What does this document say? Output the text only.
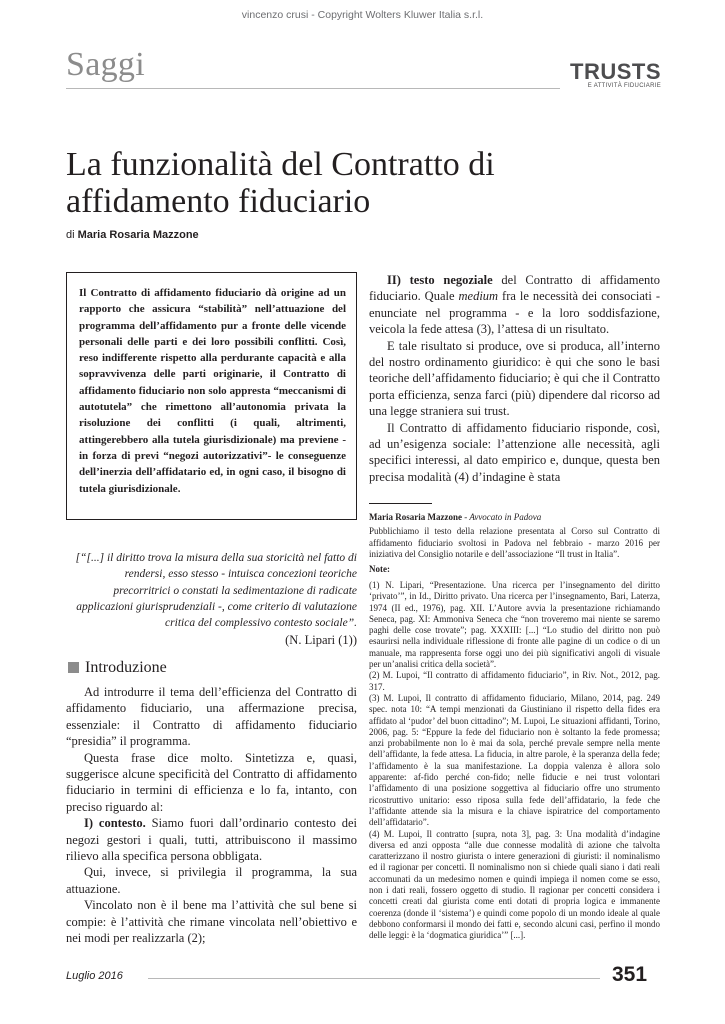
vincenzo crusi - Copyright Wolters Kluwer Italia s.r.l.
Saggi	TRUSTS
E ATTIVITÀ FIDUCIARIE
La funzionalità del Contratto di affidamento fiduciario
di Maria Rosaria Mazzone

Il Contratto di affidamento fiduciario dà origine ad un rapporto che assicura “stabilità” nell’attuazione del programma dell’affidamento pur a fronte delle vicende personali delle parti e dei loro possibili conflitti. Così, reso indifferente rispetto alla perdurante capacità e alla sopravvivenza delle parti originarie, il Contratto di affidamento fiduciario non solo appresta “meccanismi di autotutela” che rimettono all’autonomia privata la risoluzione dei conflitti (i quali, altrimenti, attingerebbero alla tutela giurisdizionale) ma previene - in forza di previ “negozi autorizzativi”- le conseguenze dell’inerzia dell’affidatario ed, in ogni caso, il bisogno di tutela giurisdizionale.

[“[...] il diritto trova la misura della sua storicità nel fatto di rendersi, esso stesso - intuisca concezioni teoriche precorritrici o constati la sedimentazione di radicate applicazioni giurisprudenziali -, come criterio di valutazione critica del complessivo contesto sociale”.
(N. Lipari (1))
Introduzione

Ad introdurre il tema dell’efficienza del Contratto di affidamento fiduciario, una affermazione precisa, essenziale: il Contratto di affidamento fiduciario “presidia” il programma.

Questa frase dice molto. Sintetizza e, quasi, suggerisce alcune specificità del Contratto di affidamento fiduciario in termini di efficienza e lo fa, intanto, con preciso riguardo al:

I) contesto. Siamo fuori dall’ordinario contesto dei negozi gestori i quali, tutti, attribuiscono il massimo rilievo alla specifica persona obbligata.

Qui, invece, si privilegia il programma, la sua attuazione.

Vincolato non è il bene ma l’attività che sul bene si compie: è l’attività che rimane vincolata nell’obiettivo e nei modi per realizzarla (2);

II) testo negoziale del Contratto di affidamento fiduciario. Quale medium fra le necessità dei consociati - enunciate nel programma - e la loro soddisfazione, veicola la fede attesa (3), l’attesa di un risultato.

E tale risultato si produce, ove si produca, all’interno del nostro ordinamento giuridico: è qui che sono le basi teoriche dell’affidamento fiduciario; è qui che il Contratto porta efficienza, senza farci (più) dipendere dal ricorso ad una legge straniera sui trust.

Il Contratto di affidamento fiduciario risponde, così, ad un’esigenza sociale: l’attenzione alle necessità, agli specifici interessi, al dato empirico e, dunque, questa ben precisa modalità (4) d’indagine è stata

Maria Rosaria Mazzone - Avvocato in Padova
Pubblichiamo il testo della relazione presentata al Corso sul Contratto di affidamento fiduciario svoltosi in Padova nel febbraio - marzo 2016 per iniziativa del Consiglio notarile e dell’associazione “Il trust in Italia”.
Note:

(1) N. Lipari, “Presentazione. Una ricerca per l’insegnamento del diritto ‘privato’”, in Id., Diritto privato. Una ricerca per l’insegnamento, Bari, Laterza, 1974 (II ed., 1976), pag. XII. L’Autore avvia la presentazione richiamando Seneca, pag. XI: Ammoniva Seneca che “non troveremo mai niente se saremo paghi delle cose trovate”; pag. XXXIII: [...] “Lo studio del diritto non può esaurirsi nella individuale riflessione di fronte alle pagine di un codice o di un manuale, ma rappresenta forse oggi uno dei più significativi angoli di visuale per un’analisi critica della società”.

(2) M. Lupoi, “Il contratto di affidamento fiduciario”, in Riv. Not., 2012, pag. 317.

(3) M. Lupoi, Il contratto di affidamento fiduciario, Milano, 2014, pag. 249 spec. nota 10: “A tempi menzionati da Giustiniano il rispetto della fides era affidato al ‘pudor’ del buon cittadino”; M. Lupoi, Le situazioni affidanti, Torino, 2006, pag. 5: “Eppure la fede del fiduciario non è soltanto la fede promessa; anzi probabilmente non lo è mai da sola, perché prevale sempre nella mente dell’affidante, la fede attesa. La fiducia, in altre parole, è la speranza della fede; l’affidamento è la sua manifestazione. La doppia valenza è allora solo apparente: af-fido perché con-fido; nelle fiducie e nei trust volontari l’affidamento di una posizione soggettiva al fiduciario offre uno strumento ricostruttivo unitario: esso riposa sulla fede dell’affidatario, la fede che l’affidante attende sia la misura e la chiave ispiratrice del comportamento dell’affidatario”.

(4) M. Lupoi, Il contratto [supra, nota 3], pag. 3: Una modalità d’indagine diversa ed anzi opposta “alle due connesse modalità di azione che talvolta caratterizzano il nostro giurista o intere generazioni di giuristi: il nominalismo ed il ragionar per concetti. Il nominalismo non si chiede quali siano i dati reali accomunati da un medesimo nomen e quindi impiega il nomen come se esso, non i dati reali, fossero oggetto di studio. Il ragionar per concetti considera i concetti creati dal giurista come enti dotati di propria logica e immanente coerenza (donde il ‘sistema’) e quindi come popolo di un mondo ideale al quale debbono conformarsi il mondo dei fatti e, secondo alcuni casi, perfino il mondo delle leggi: è la ‘dogmatica giuridica’” [...].

Luglio 2016	351
